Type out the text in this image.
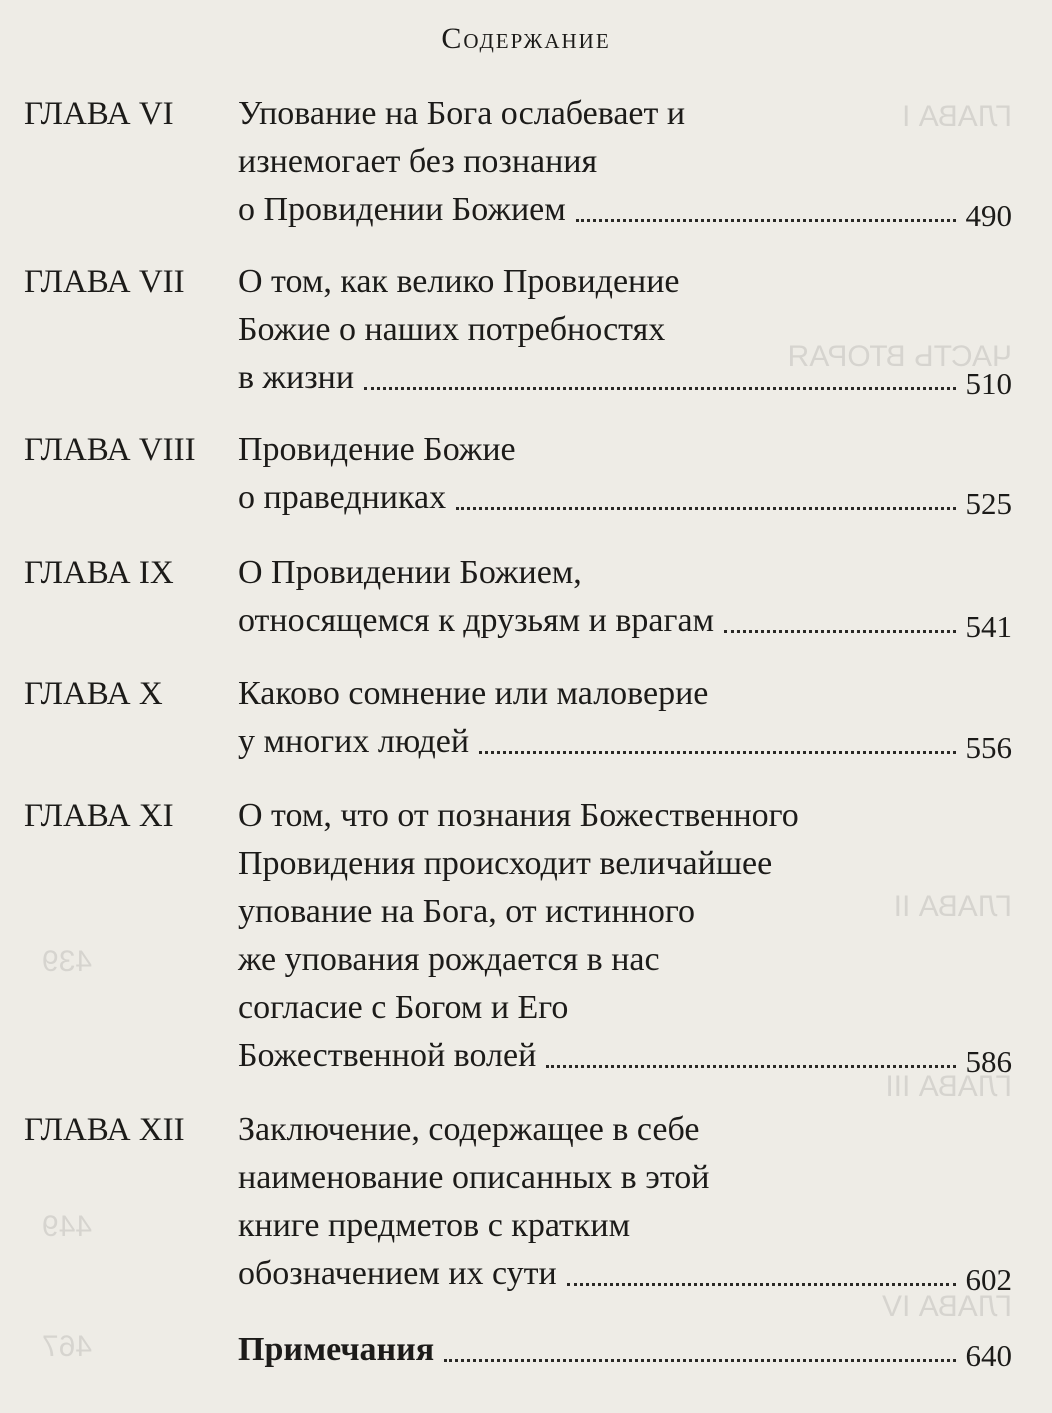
ГЛАВА I
ЧАСТЬ ВТОРАЯ
ГЛАВА II
439
ГЛАВА III
ГЛАВА IV
449
467
Содержание
ГЛАВА VI Упование на Бога ослабевает и
изнемогает без познания
о Провидении Божием	490
ГЛАВА VII О том, как велико Провидение
Божие о наших потребностях
в жизни	510
ГЛАВА VIII Провидение Божие
о праведниках	525
ГЛАВА IX О Провидении Божием,
относящемся к друзьям и врагам	541
ГЛАВА X Каково сомнение или маловерие
у многих людей	556
ГЛАВА XI О том, что от познания Божественного
Провидения происходит величайшее
упование на Бога, от истинного
же упования рождается в нас
согласие с Богом и Его
Божественной волей	586
ГЛАВА XII Заключение, содержащее в себе
наименование описанных в этой
книге предметов с кратким
обозначением их сути	602
Примечания	640
